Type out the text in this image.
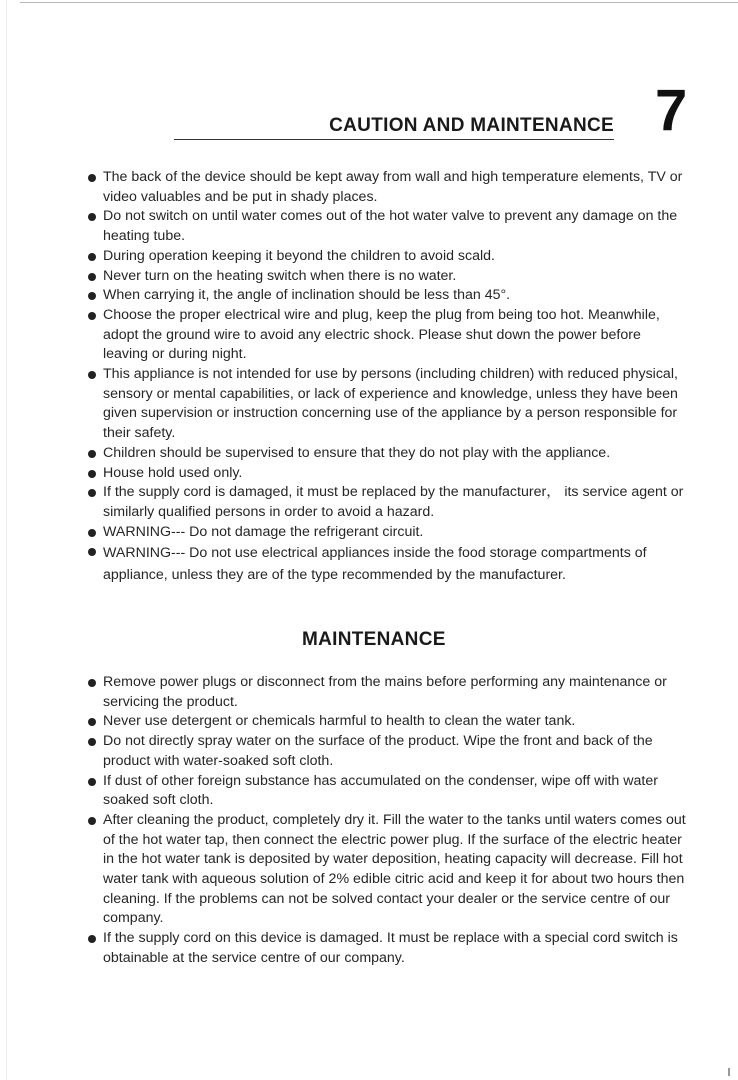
7
CAUTION AND MAINTENANCE
The back of the device should be kept away from wall and high temperature elements, TV or video valuables and be put in shady places.
Do not switch on until water comes out of the hot water valve to prevent any damage on the heating tube.
During operation keeping it beyond the children to avoid scald.
Never turn on the heating switch when there is no water.
When carrying it, the angle of inclination should be less than 45°.
Choose the proper electrical wire and plug, keep the plug from being too hot. Meanwhile, adopt the ground wire to avoid any electric shock. Please shut down the power before leaving or during night.
This appliance is not intended for use by persons (including children) with reduced physical, sensory or mental capabilities, or lack of experience and knowledge, unless they have been given supervision or instruction concerning use of the appliance by a person responsible for their safety.
Children should be supervised to ensure that they do not play with the appliance.
House hold used only.
If the supply cord is damaged, it must be replaced by the manufacturer， its service agent or similarly qualified persons in order to avoid a hazard.
WARNING--- Do not damage the refrigerant circuit.
WARNING--- Do not use electrical appliances inside the food storage compartments of appliance, unless they are of the type recommended by the manufacturer.
MAINTENANCE
Remove power plugs or disconnect from the mains before performing any maintenance or servicing the product.
Never use detergent or chemicals harmful to health to clean the water tank.
Do not directly spray water on the surface of the product. Wipe the front and back of the product with water-soaked soft cloth.
If dust of other foreign substance has accumulated on the condenser, wipe off with water soaked soft cloth.
After cleaning the product, completely dry it. Fill the water to the tanks until waters comes out of the hot water tap, then connect the electric power plug. If the surface of the electric heater in the hot water tank is deposited by water deposition, heating capacity will decrease. Fill hot water tank with aqueous solution of 2% edible citric acid and keep it for about two hours then cleaning. If the problems can not be solved contact your dealer or the service centre of our company.
If the supply cord on this device is damaged. It must be replace with a special cord switch is obtainable at the service centre of our company.
